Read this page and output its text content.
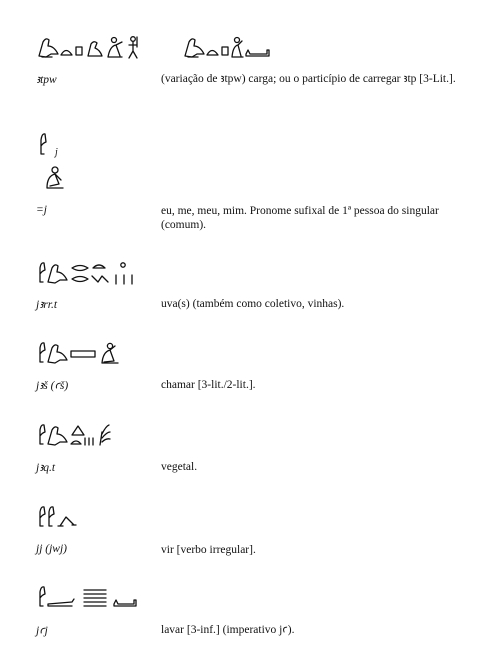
ꜣtpw	(variação de ꜣtpw) carga; ou o particípio de carregar ꜣtp [3-Lit.].
j
=j	eu, me, meu, mim. Pronome sufixal de 1ª pessoa do singular (comum).
jꜣrr.t	uva(s) (também como coletivo, vinhas).
jꜣš (ꜥš)	chamar [3-lit./2-lit.].
jꜣq.t	vegetal.
jj (jwj)	vir [verbo irregular].
jꜥj	lavar [3-inf.] (imperativo jꜥ).
